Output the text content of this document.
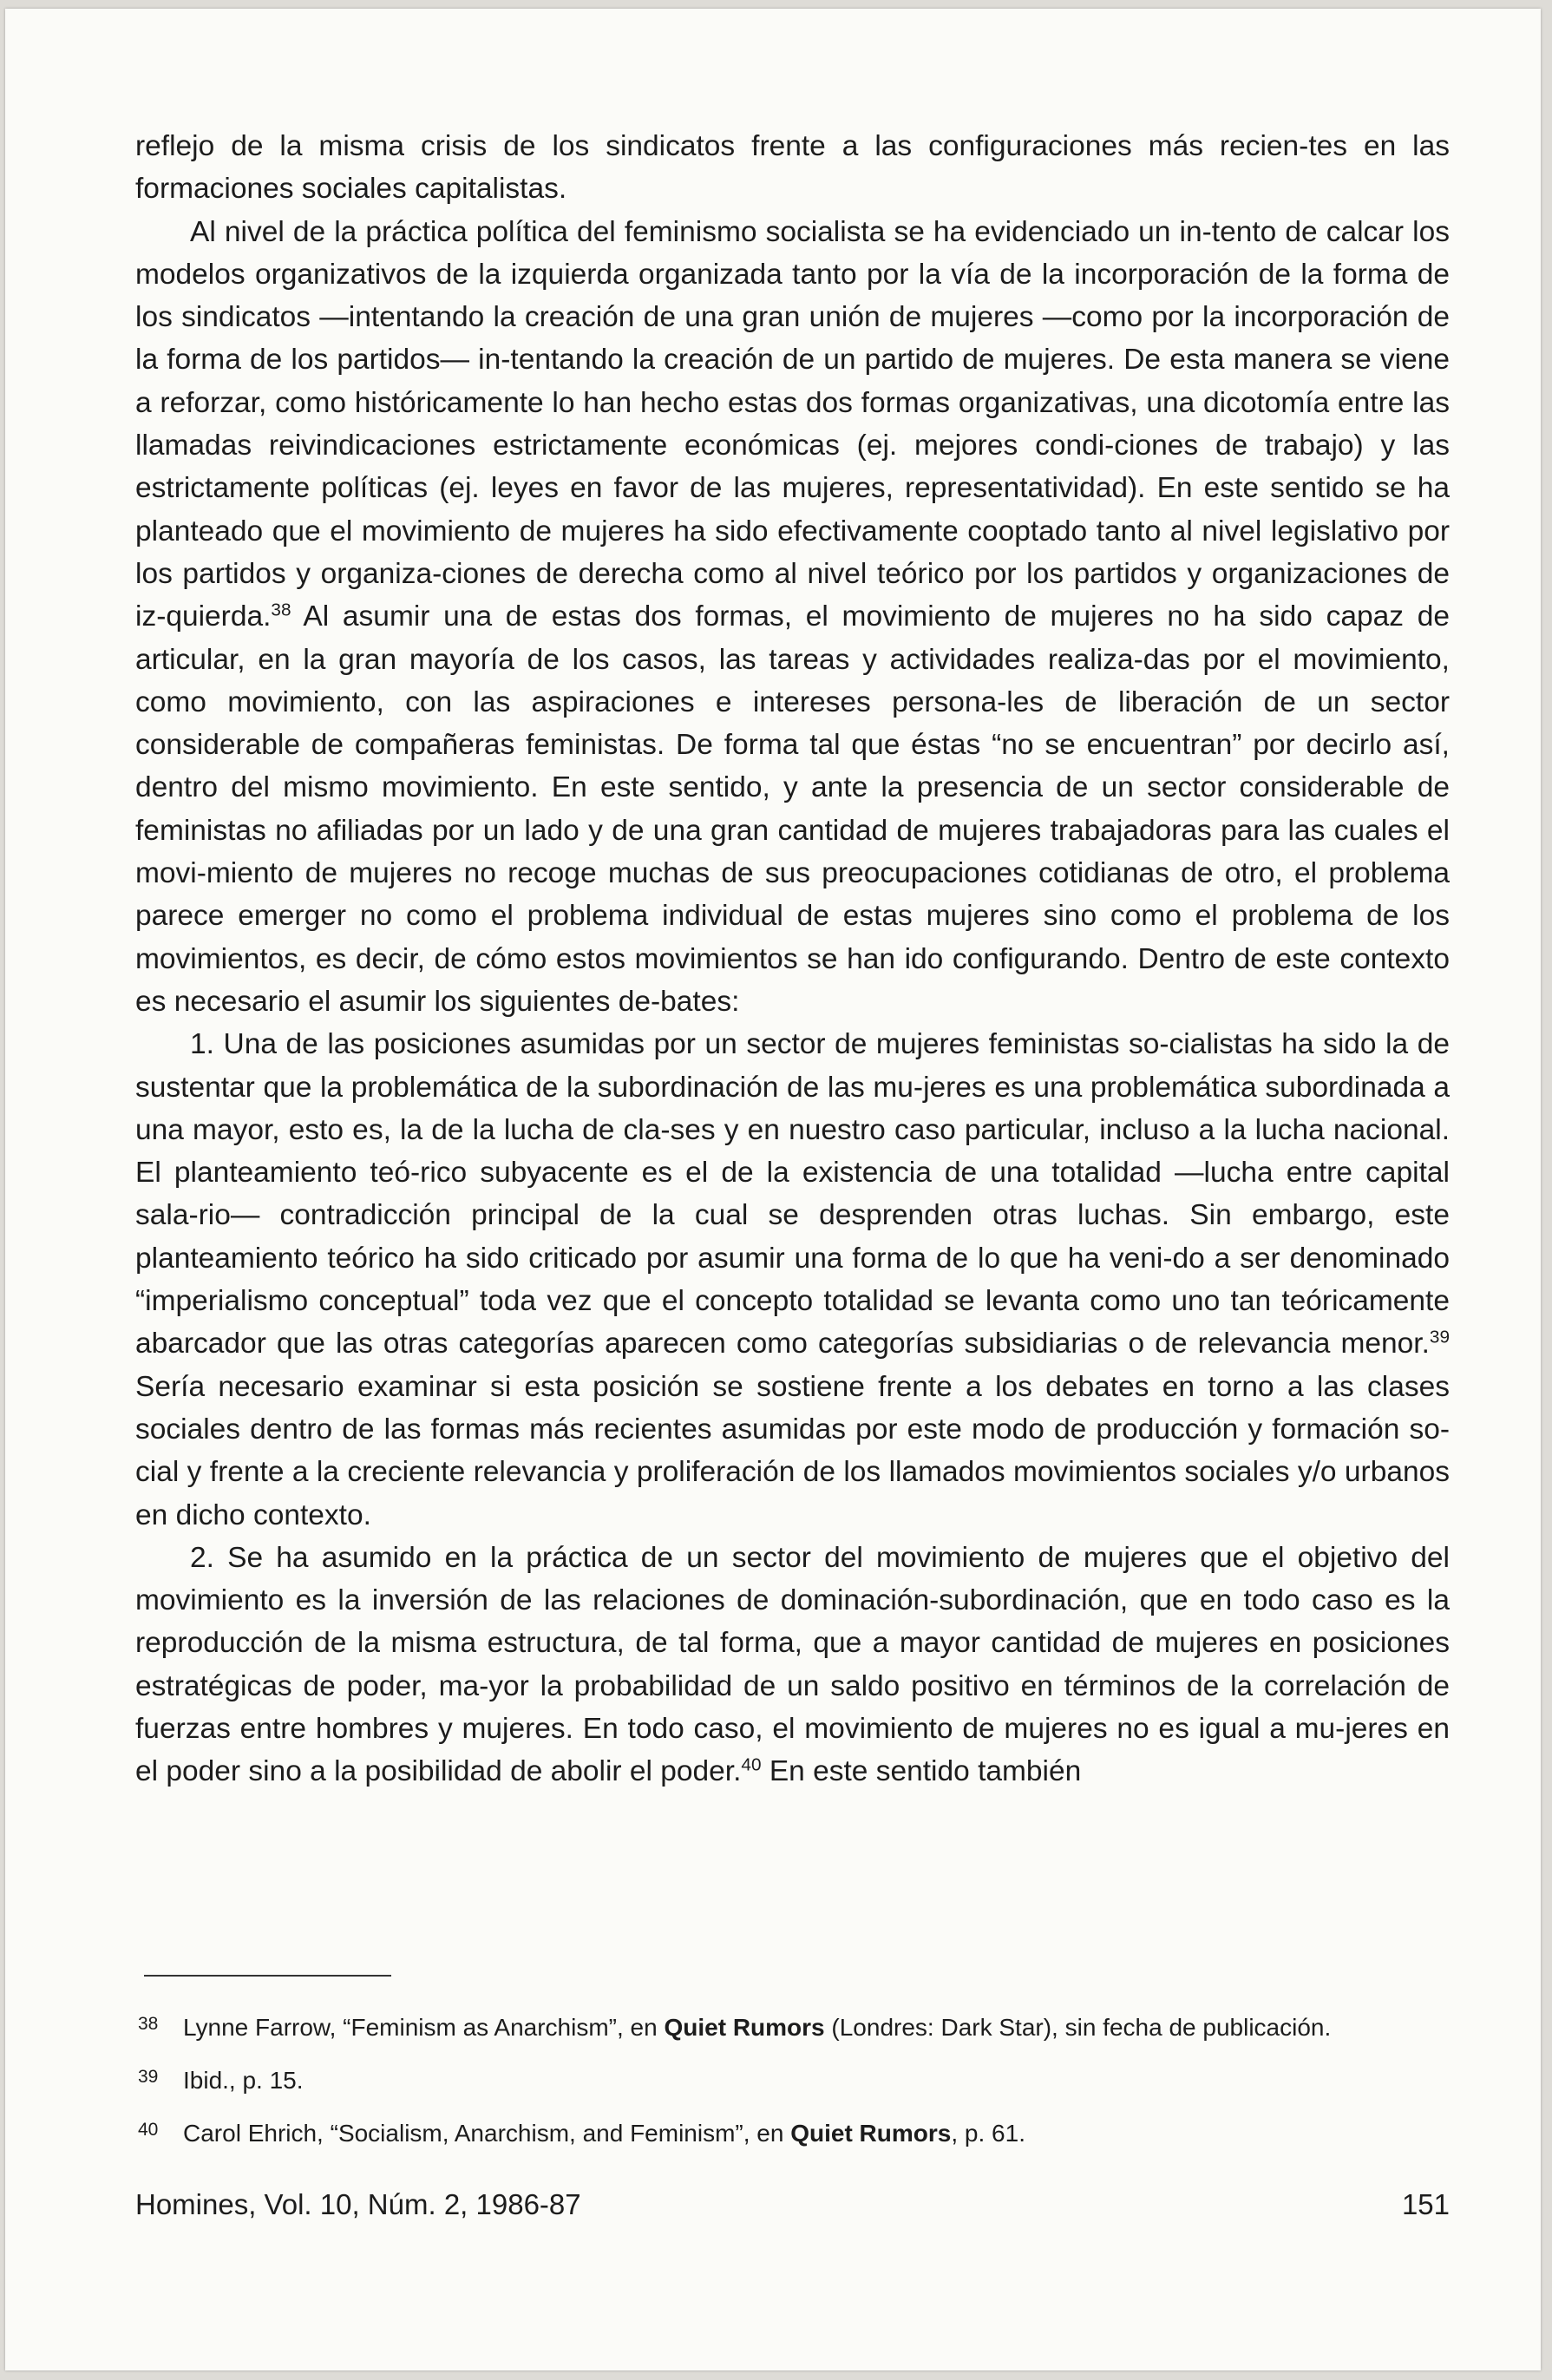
reflejo de la misma crisis de los sindicatos frente a las configuraciones más recien-tes en las formaciones sociales capitalistas.

Al nivel de la práctica política del feminismo socialista se ha evidenciado un in-tento de calcar los modelos organizativos de la izquierda organizada tanto por la vía de la incorporación de la forma de los sindicatos —intentando la creación de una gran unión de mujeres —como por la incorporación de la forma de los partidos— in-tentando la creación de un partido de mujeres. De esta manera se viene a reforzar, como históricamente lo han hecho estas dos formas organizativas, una dicotomía entre las llamadas reivindicaciones estrictamente económicas (ej. mejores condi-ciones de trabajo) y las estrictamente políticas (ej. leyes en favor de las mujeres, representatividad). En este sentido se ha planteado que el movimiento de mujeres ha sido efectivamente cooptado tanto al nivel legislativo por los partidos y organiza-ciones de derecha como al nivel teórico por los partidos y organizaciones de iz-quierda.$^{38}$ Al asumir una de estas dos formas, el movimiento de mujeres no ha sido capaz de articular, en la gran mayoría de los casos, las tareas y actividades realiza-das por el movimiento, como movimiento, con las aspiraciones e intereses persona-les de liberación de un sector considerable de compañeras feministas. De forma tal que éstas “no se encuentran” por decirlo así, dentro del mismo movimiento. En este sentido, y ante la presencia de un sector considerable de feministas no afiliadas por un lado y de una gran cantidad de mujeres trabajadoras para las cuales el movi-miento de mujeres no recoge muchas de sus preocupaciones cotidianas de otro, el problema parece emerger no como el problema individual de estas mujeres sino como el problema de los movimientos, es decir, de cómo estos movimientos se han ido configurando. Dentro de este contexto es necesario el asumir los siguientes de-bates:

1. Una de las posiciones asumidas por un sector de mujeres feministas so-cialistas ha sido la de sustentar que la problemática de la subordinación de las mu-jeres es una problemática subordinada a una mayor, esto es, la de la lucha de cla-ses y en nuestro caso particular, incluso a la lucha nacional. El planteamiento teó-rico subyacente es el de la existencia de una totalidad —lucha entre capital sala-rio— contradicción principal de la cual se desprenden otras luchas. Sin embargo, este planteamiento teórico ha sido criticado por asumir una forma de lo que ha veni-do a ser denominado “imperialismo conceptual” toda vez que el concepto totalidad se levanta como uno tan teóricamente abarcador que las otras categorías aparecen como categorías subsidiarias o de relevancia menor.$^{39}$ Sería necesario examinar si esta posición se sostiene frente a los debates en torno a las clases sociales dentro de las formas más recientes asumidas por este modo de producción y formación so-cial y frente a la creciente relevancia y proliferación de los llamados movimientos sociales y/o urbanos en dicho contexto.

2. Se ha asumido en la práctica de un sector del movimiento de mujeres que el objetivo del movimiento es la inversión de las relaciones de dominación-subordinación, que en todo caso es la reproducción de la misma estructura, de tal forma, que a mayor cantidad de mujeres en posiciones estratégicas de poder, ma-yor la probabilidad de un saldo positivo en términos de la correlación de fuerzas entre hombres y mujeres. En todo caso, el movimiento de mujeres no es igual a mu-jeres en el poder sino a la posibilidad de abolir el poder.$^{40}$ En este sentido también

38 Lynne Farrow, “Feminism as Anarchism”, en Quiet Rumors (Londres: Dark Star), sin fecha de publicación.
39 Ibid., p. 15.
40 Carol Ehrich, “Socialism, Anarchism, and Feminism”, en Quiet Rumors, p. 61.
Homines, Vol. 10, Núm. 2, 1986-87	151
